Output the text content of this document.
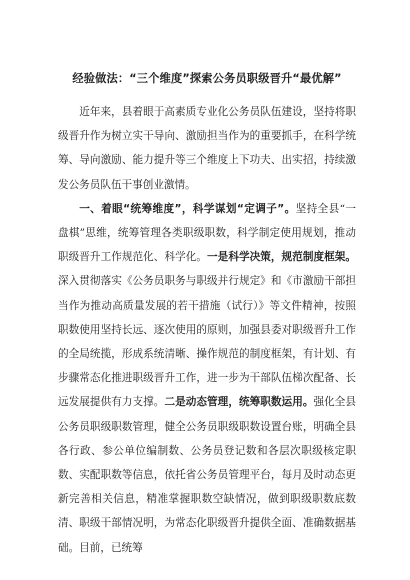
经验做法：“三个维度”探索公务员职级晋升“最优解”

近年来，县着眼于高素质专业化公务员队伍建设，坚持将职级晋升作为树立实干导向、激励担当作为的重要抓手，在科学统筹、导向激励、能力提升等三个维度上下功夫、出实招，持续激发公务员队伍干事创业激情。

一、着眼“统筹维度”，科学谋划“定调子”。坚持全县“一盘棋”思维，统筹管理各类职级职数，科学制定使用规划，推动职级晋升工作规范化、科学化。一是科学决策，规范制度框架。深入贯彻落实《公务员职务与职级并行规定》和《市激励干部担当作为推动高质量发展的若干措施（试行）》等文件精神，按照职数使用坚持长远、逐次使用的原则，加强县委对职级晋升工作的全局统揽，形成系统清晰、操作规范的制度框架，有计划、有步骤常态化推进职级晋升工作，进一步为干部队伍梯次配备、长远发展提供有力支撑。二是动态管理，统筹职数运用。强化全县公务员职级职数管理，健全公务员职级职数设置台账，明确全县各行政、参公单位编制数、公务员登记数和各层次职级核定职数、实配职数等信息，依托省公务员管理平台，每月及时动态更新完善相关信息，精准掌握职数空缺情况，做到职级职数底数清、职级干部情况明，为常态化职级晋升提供全面、准确数据基础。目前，已统筹
